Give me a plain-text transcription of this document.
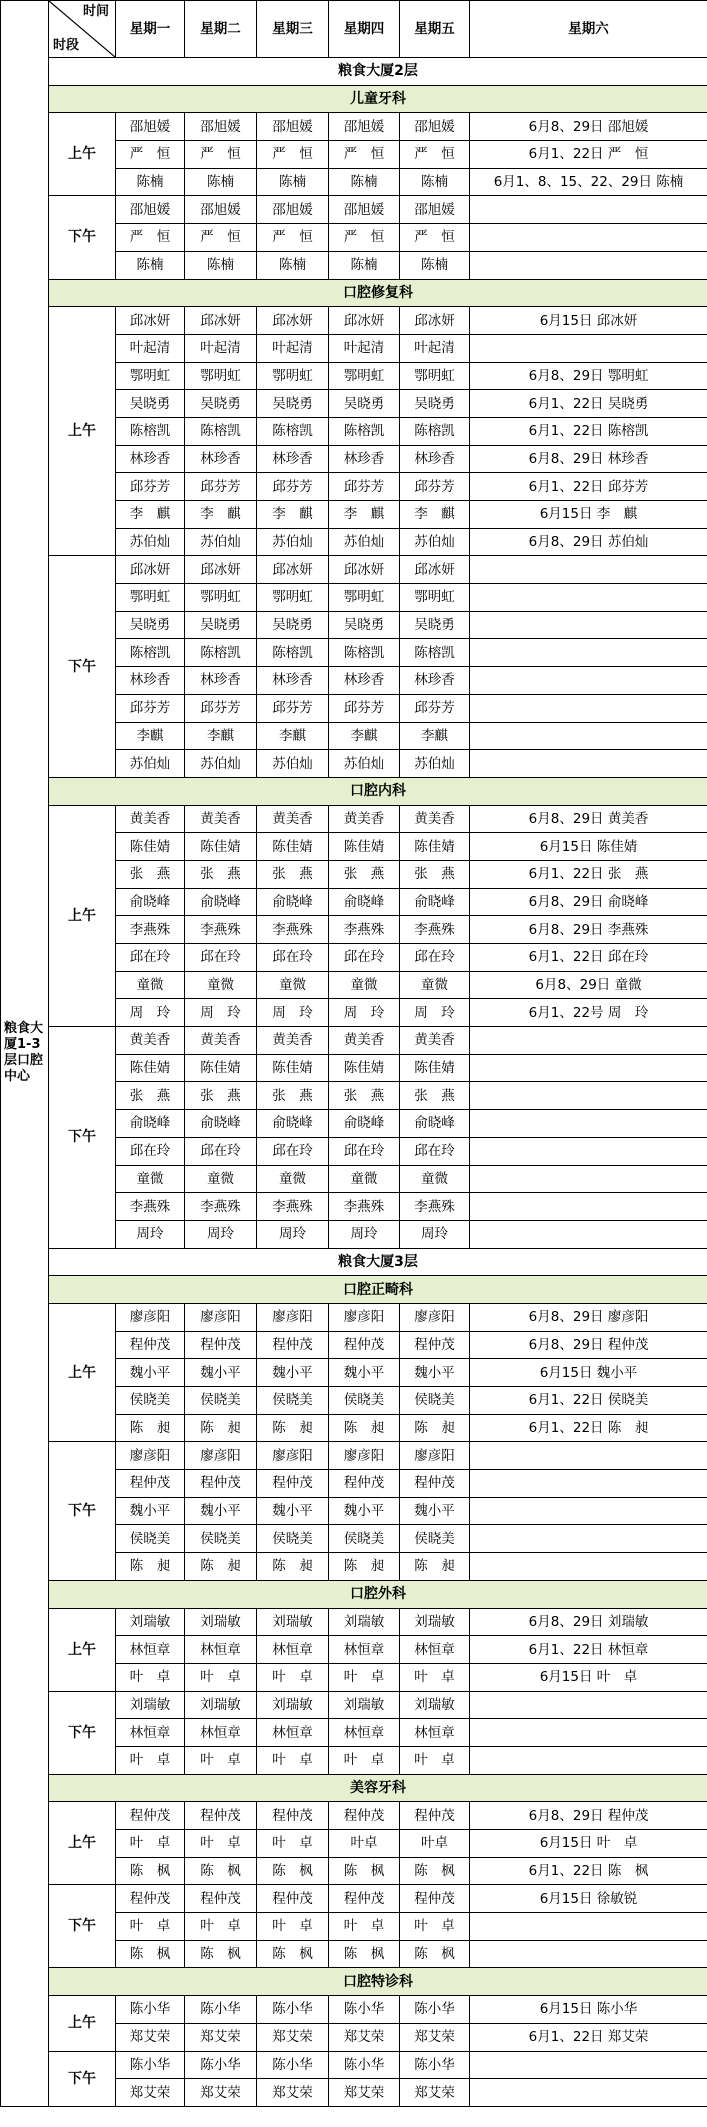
粮食大厦1-3层口腔中心	时间
时段	星期一	星期二	星期三	星期四	星期五	星期六
	粮食大厦2层						
	儿童牙科						
	上午	邵旭媛	邵旭媛	邵旭媛	邵旭媛	邵旭媛	6月8、29日 邵旭媛
		严　恒	严　恒	严　恒	严　恒	严　恒	6月1、22日 严　恒
		陈楠	陈楠	陈楠	陈楠	陈楠	6月1、8、15、22、29日 陈楠
	下午	邵旭媛	邵旭媛	邵旭媛	邵旭媛	邵旭媛	
		严　恒	严　恒	严　恒	严　恒	严　恒	
		陈楠	陈楠	陈楠	陈楠	陈楠	
	口腔修复科						
	上午	邱冰妍	邱冰妍	邱冰妍	邱冰妍	邱冰妍	6月15日 邱冰妍
		叶起清	叶起清	叶起清	叶起清	叶起清	
		鄂明虹	鄂明虹	鄂明虹	鄂明虹	鄂明虹	6月8、29日 鄂明虹
		吴晓勇	吴晓勇	吴晓勇	吴晓勇	吴晓勇	6月1、22日 吴晓勇
		陈榕凯	陈榕凯	陈榕凯	陈榕凯	陈榕凯	6月1、22日 陈榕凯
		林珍香	林珍香	林珍香	林珍香	林珍香	6月8、29日 林珍香
		邱芬芳	邱芬芳	邱芬芳	邱芬芳	邱芬芳	6月1、22日 邱芬芳
		李　麒	李　麒	李　麒	李　麒	李　麒	6月15日 李　麒
		苏伯灿	苏伯灿	苏伯灿	苏伯灿	苏伯灿	6月8、29日 苏伯灿
	下午	邱冰妍	邱冰妍	邱冰妍	邱冰妍	邱冰妍	
		鄂明虹	鄂明虹	鄂明虹	鄂明虹	鄂明虹	
		吴晓勇	吴晓勇	吴晓勇	吴晓勇	吴晓勇	
		陈榕凯	陈榕凯	陈榕凯	陈榕凯	陈榕凯	
		林珍香	林珍香	林珍香	林珍香	林珍香	
		邱芬芳	邱芬芳	邱芬芳	邱芬芳	邱芬芳	
		李麒	李麒	李麒	李麒	李麒	
		苏伯灿	苏伯灿	苏伯灿	苏伯灿	苏伯灿	
	口腔内科						
	上午	黄美香	黄美香	黄美香	黄美香	黄美香	6月8、29日 黄美香
		陈佳婧	陈佳婧	陈佳婧	陈佳婧	陈佳婧	6月15日 陈佳婧
		张　燕	张　燕	张　燕	张　燕	张　燕	6月1、22日 张　燕
		俞晓峰	俞晓峰	俞晓峰	俞晓峰	俞晓峰	6月8、29日 俞晓峰
		李燕殊	李燕殊	李燕殊	李燕殊	李燕殊	6月8、29日 李燕殊
		邱在玲	邱在玲	邱在玲	邱在玲	邱在玲	6月1、22日 邱在玲
		童微	童微	童微	童微	童微	6月8、29日 童微
		周　玲	周　玲	周　玲	周　玲	周　玲	6月1、22号 周　玲
	下午	黄美香	黄美香	黄美香	黄美香	黄美香	
		陈佳婧	陈佳婧	陈佳婧	陈佳婧	陈佳婧	
		张　燕	张　燕	张　燕	张　燕	张　燕	
		俞晓峰	俞晓峰	俞晓峰	俞晓峰	俞晓峰	
		邱在玲	邱在玲	邱在玲	邱在玲	邱在玲	
		童微	童微	童微	童微	童微	
		李燕殊	李燕殊	李燕殊	李燕殊	李燕殊	
		周玲	周玲	周玲	周玲	周玲	
	粮食大厦3层						
	口腔正畸科						
	上午	廖彦阳	廖彦阳	廖彦阳	廖彦阳	廖彦阳	6月8、29日 廖彦阳
		程仲茂	程仲茂	程仲茂	程仲茂	程仲茂	6月8、29日 程仲茂
		魏小平	魏小平	魏小平	魏小平	魏小平	6月15日 魏小平
		侯晓美	侯晓美	侯晓美	侯晓美	侯晓美	6月1、22日 侯晓美
		陈　昶	陈　昶	陈　昶	陈　昶	陈　昶	6月1、22日 陈　昶
	下午	廖彦阳	廖彦阳	廖彦阳	廖彦阳	廖彦阳	
		程仲茂	程仲茂	程仲茂	程仲茂	程仲茂	
		魏小平	魏小平	魏小平	魏小平	魏小平	
		侯晓美	侯晓美	侯晓美	侯晓美	侯晓美	
		陈　昶	陈　昶	陈　昶	陈　昶	陈　昶	
	口腔外科						
	上午	刘瑞敏	刘瑞敏	刘瑞敏	刘瑞敏	刘瑞敏	6月8、29日 刘瑞敏
		林恒章	林恒章	林恒章	林恒章	林恒章	6月1、22日 林恒章
		叶　卓	叶　卓	叶　卓	叶　卓	叶　卓	6月15日 叶　卓
	下午	刘瑞敏	刘瑞敏	刘瑞敏	刘瑞敏	刘瑞敏	
		林恒章	林恒章	林恒章	林恒章	林恒章	
		叶　卓	叶　卓	叶　卓	叶　卓	叶　卓	
	美容牙科						
	上午	程仲茂	程仲茂	程仲茂	程仲茂	程仲茂	6月8、29日 程仲茂
		叶　卓	叶　卓	叶　卓	叶卓	叶卓	6月15日 叶　卓
		陈　枫	陈　枫	陈　枫	陈　枫	陈　枫	6月1、22日 陈　枫
	下午	程仲茂	程仲茂	程仲茂	程仲茂	程仲茂	6月15日 徐敏锐
		叶　卓	叶　卓	叶　卓	叶　卓	叶　卓	
		陈　枫	陈　枫	陈　枫	陈　枫	陈　枫	
	口腔特诊科						
	上午	陈小华	陈小华	陈小华	陈小华	陈小华	6月15日 陈小华
		郑艾荣	郑艾荣	郑艾荣	郑艾荣	郑艾荣	6月1、22日 郑艾荣
	下午	陈小华	陈小华	陈小华	陈小华	陈小华	
		郑艾荣	郑艾荣	郑艾荣	郑艾荣	郑艾荣	
